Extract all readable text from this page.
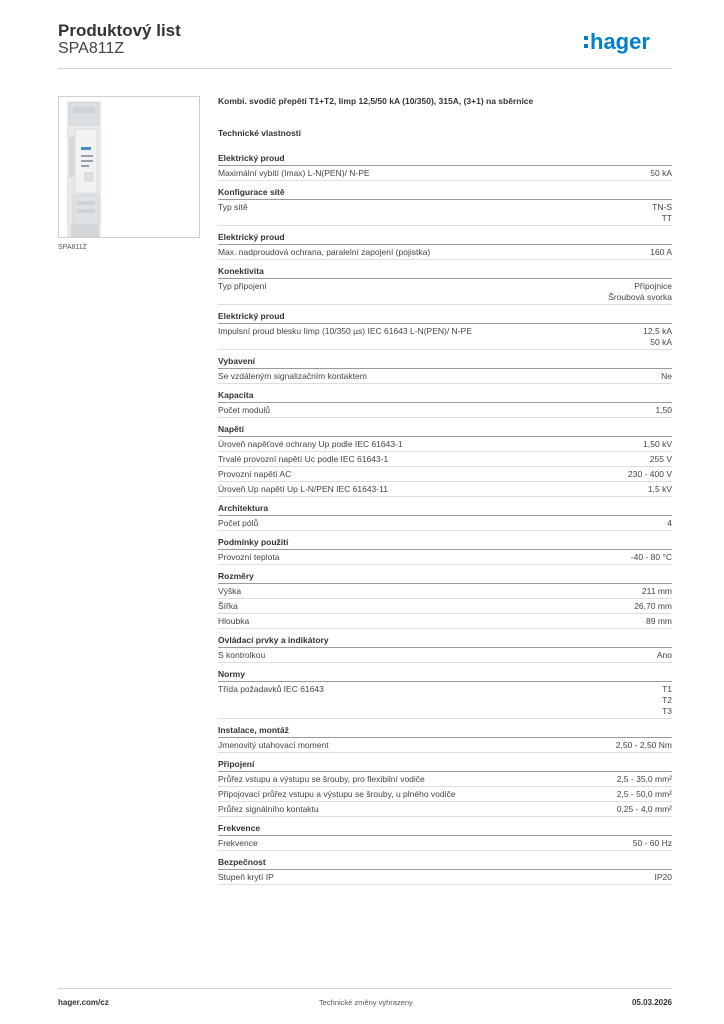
Produktový list
SPA811Z	hager
SPA811Z
Kombi. svodič přepětí T1+T2, Iimp 12,5/50 kA (10/350), 315A, (3+1) na sběrnice
Technické vlastnosti
Elektrický proud
Maximální vybití (Imax) L-N(PEN)/ N-PE	50 kA
Konfigurace sítě
Typ sítě	TN-S
TT
Elektrický proud
Max. nadproudová ochrana, paralelní zapojení (pojistka)	160 A
Konektivita
Typ připojení	Přípojnice
Šroubová svorka
Elektrický proud
Impulsní proud blesku Iimp (10/350 µs) IEC 61643 L-N(PEN)/ N-PE	12,5 kA
50 kA
Vybavení
Se vzdáleným signalizačním kontaktem	Ne
Kapacita
Počet modulů	1,50
Napětí
Úroveň napěťové ochrany Up podle IEC 61643-1	1,50 kV
Trvalé provozní napětí Uc podle IEC 61643-1	255 V
Provozní napětí AC	230 - 400 V
Úroveň Up napětí Up L-N/PEN IEC 61643-11	1,5 kV
Architektura
Počet pólů	4
Podmínky použití
Provozní teplota	-40 - 80 °C
Rozměry
Výška	211 mm
Šířka	26,70 mm
Hloubka	89 mm
Ovládací prvky a indikátory
S kontrolkou	Ano
Normy
Třída požadavků IEC 61643	T1
T2
T3
Instalace, montáž
Jmenovitý utahovací moment	2,50 - 2,50 Nm
Připojení
Průřez vstupu a výstupu se šrouby, pro flexibilní vodiče	2,5 - 35,0 mm²
Připojovací průřez vstupu a výstupu se šrouby, u plného vodiče	2,5 - 50,0 mm²
Průřez signálního kontaktu	0,25 - 4,0 mm²
Frekvence
Frekvence	50 - 60 Hz
Bezpečnost
Stupeň krytí IP	IP20
hager.com/cz	Technické změny vyhrazeny	05.03.2026
